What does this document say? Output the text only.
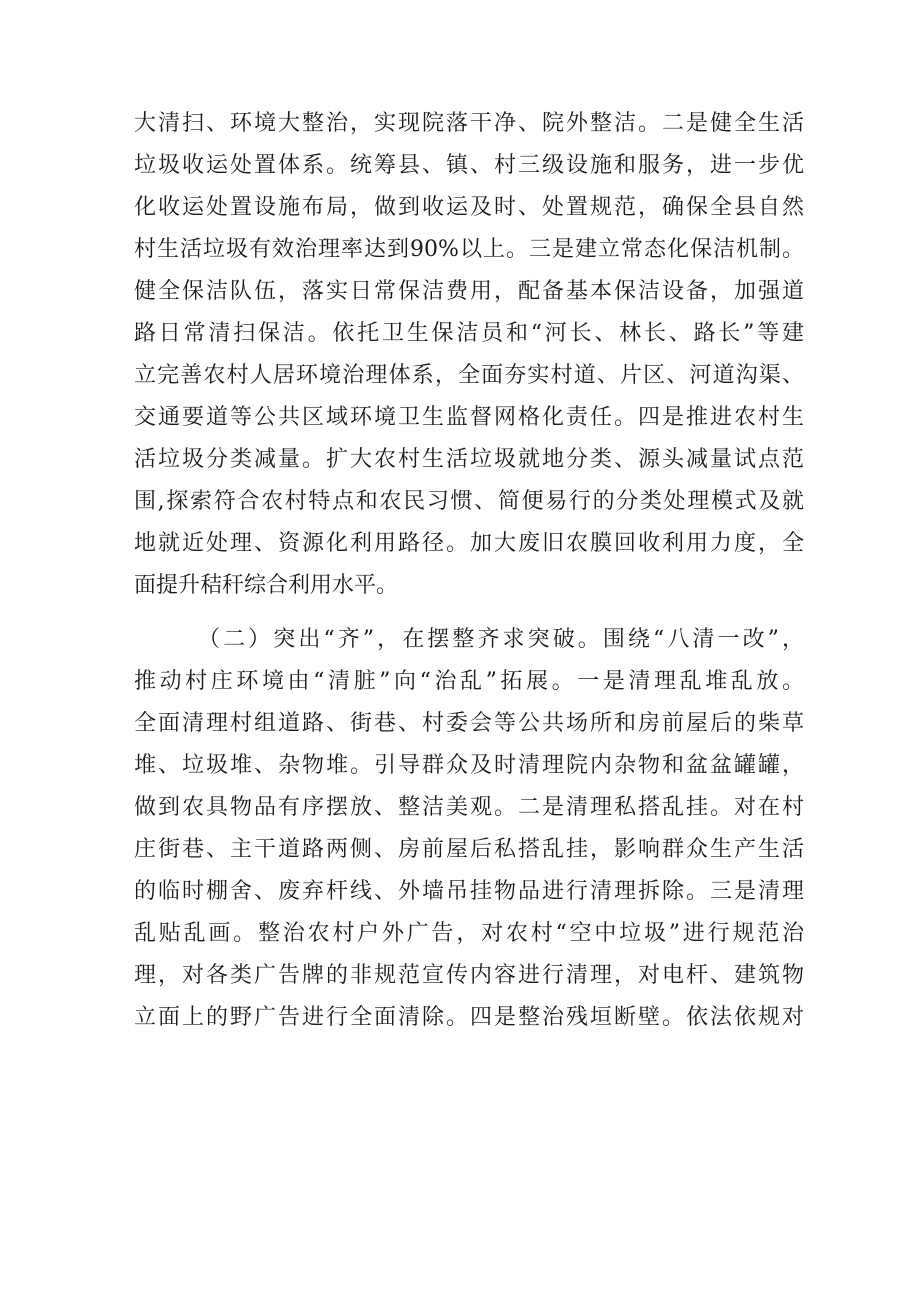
大清扫、环境大整治，实现院落干净、院外整洁。二是健全生活
垃圾收运处置体系。统筹县、镇、村三级设施和服务，进一步优
化收运处置设施布局，做到收运及时、处置规范，确保全县自然
村生活垃圾有效治理率达到90%以上。三是建立常态化保洁机制。
健全保洁队伍，落实日常保洁费用，配备基本保洁设备，加强道
路日常清扫保洁。依托卫生保洁员和“河长、林长、路长”等建
立完善农村人居环境治理体系，全面夯实村道、片区、河道沟渠、
交通要道等公共区域环境卫生监督网格化责任。四是推进农村生
活垃圾分类减量。扩大农村生活垃圾就地分类、源头减量试点范
围,探索符合农村特点和农民习惯、简便易行的分类处理模式及就
地就近处理、资源化利用路径。加大废旧农膜回收利用力度，全
面提升秸秆综合利用水平。
（二）突出“齐”，在摆整齐求突破。围绕“八清一改”，
推动村庄环境由“清脏”向“治乱”拓展。一是清理乱堆乱放。
全面清理村组道路、街巷、村委会等公共场所和房前屋后的柴草
堆、垃圾堆、杂物堆。引导群众及时清理院内杂物和盆盆罐罐，
做到农具物品有序摆放、整洁美观。二是清理私搭乱挂。对在村
庄街巷、主干道路两侧、房前屋后私搭乱挂，影响群众生产生活
的临时棚舍、废弃杆线、外墙吊挂物品进行清理拆除。三是清理
乱贴乱画。整治农村户外广告，对农村“空中垃圾”进行规范治
理，对各类广告牌的非规范宣传内容进行清理，对电杆、建筑物
立面上的野广告进行全面清除。四是整治残垣断壁。依法依规对
